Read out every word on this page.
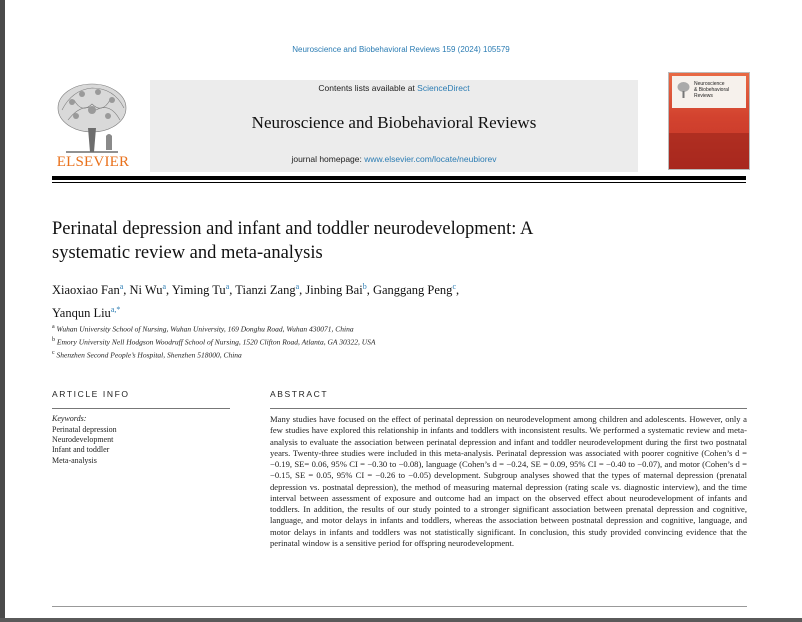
Neuroscience and Biobehavioral Reviews 159 (2024) 105579
ELSEVIER
Contents lists available at ScienceDirect
Neuroscience and Biobehavioral Reviews
journal homepage: www.elsevier.com/locate/neubiorev
Neuroscience
& Biobehavioral
Reviews
Perinatal depression and infant and toddler neurodevelopment: A
systematic review and meta-analysis
Xiaoxiao Fan$^a$, Ni Wu$^a$, Yiming Tu$^a$, Tianzi Zang$^a$, Jinbing Bai$^b$, Ganggang Peng$^c$,
Yanqun Liu$^{a,*}$
$^a$ Wuhan University School of Nursing, Wuhan University, 169 Donghu Road, Wuhan 430071, China
$^b$ Emory University Nell Hodgson Woodruff School of Nursing, 1520 Clifton Road, Atlanta, GA 30322, USA
$^c$ Shenzhen Second People’s Hospital, Shenzhen 518000, China
ARTICLE INFO	ABSTRACT
Keywords:
Perinatal depression
Neurodevelopment
Infant and toddler
Meta-analysis
Many studies have focused on the effect of perinatal depression on neurodevelopment among children and adolescents. However, only a few studies have explored this relationship in infants and toddlers with inconsistent results. We performed a systematic review and meta-analysis to evaluate the association between perinatal depression and infant and toddler neurodevelopment during the first two postnatal years. Twenty-three studies were included in this meta-analysis. Perinatal depression was associated with poorer cognitive (Cohen’s d = −0.19, SE= 0.06, 95% CI = −0.30 to −0.08), language (Cohen’s d = −0.24, SE = 0.09, 95% CI = −0.40 to −0.07), and motor (Cohen’s d = −0.15, SE = 0.05, 95% CI = −0.26 to −0.05) development. Subgroup analyses showed that the types of maternal depression (prenatal depression vs. postnatal depression), the method of measuring maternal depression (rating scale vs. diagnostic interview), and the time interval between assessment of exposure and outcome had an impact on the observed effect about neurodevelopment of infants and toddlers. In addition, the results of our study pointed to a stronger significant association between prenatal depression and cognitive, language, and motor delays in infants and toddlers, whereas the association between postnatal depression and cognitive, language, and motor delays in infants and toddlers was not statistically significant. In conclusion, this study provided convincing evidence that the perinatal window is a sensitive period for offspring neurodevelopment.
